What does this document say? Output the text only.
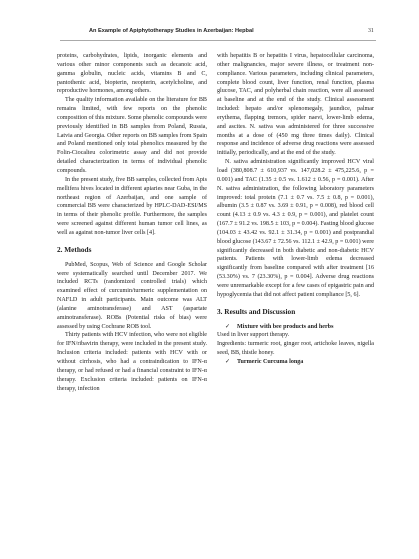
An Example of Apiphytotherapy Studies in Azerbaijan: Hepbal	31

proteins, carbohydrates, lipids, inorganic elements and various other minor components such as decanoic acid, gamma globulin, nucleic acids, vitamins B and C, pantothenic acid, biopterin, neopterin, acetylcholine, and reproductive hormones, among others.

The quality information available on the literature for BB remains limited, with few reports on the phenolic composition of this mixture. Some phenolic compounds were previously identified in BB samples from Poland, Russia, Latvia and Georgia. Other reports on BB samples from Spain and Poland mentioned only total phenolics measured by the Folin-Ciocalteu colorimetric assay and did not provide detailed characterization in terms of individual phenolic compounds.

In the present study, five BB samples, collected from Apis mellifera hives located in different apiaries near Guba, in the northeast region of Azerbaijan, and one sample of commercial BB were characterized by HPLC-DAD-ESI/MS in terms of their phenolic profile. Furthermore, the samples were screened against different human tumor cell lines, as well as against non-tumor liver cells [4].

2. Methods

PubMed, Scopus, Web of Science and Google Scholar were systematically searched until December 2017. We included RCTs (randomized controlled trials) which examined effect of curcumin/turmeric supplementation on NAFLD in adult participants. Main outcome was ALT (alanine aminotransferase) and AST (aspartate aminotransferase). ROBs (Potential risks of bias) were assessed by using Cochrane ROB tool.

Thirty patients with HCV infection, who were not eligible for IFN/ribavirin therapy, were included in the present study. Inclusion criteria included: patients with HCV with or without cirrhosis, who had a contraindication to IFN-α therapy, or had refused or had a financial constraint to IFN-α therapy. Exclusion criteria included: patients on IFN-α therapy, infection

with hepatitis B or hepatitis I virus, hepatocellular carcinoma, other malignancies, major severe illness, or treatment non-compliance. Various parameters, including clinical parameters, complete blood count, liver function, renal function, plasma glucose, TAC, and polyherbal chain reaction, were all assessed at baseline and at the end of the study. Clinical assessment included: hepato and/or splenomegaly, jaundice, palmar erythema, flapping tremors, spider naevi, lower-limb edema, and ascites. N. sativa was administered for three successive months at a dose of (450 mg three times daily). Clinical response and incidence of adverse drug reactions were assessed initially, periodically, and at the end of the study.

N. sativa administration significantly improved HCV viral load (380,808.7 ± 610,937 vs. 147,028.2 ± 475,225.6, p = 0.001) and TAC (1.35 ± 0.5 vs. 1.612 ± 0.56, p = 0.001). After N. sativa administration, the following laboratory parameters improved: total protein (7.1 ± 0.7 vs. 7.5 ± 0.8, p = 0.001), albumin (3.5 ± 0.87 vs. 3.69 ± 0.91, p = 0.008), red blood cell count (4.13 ± 0.9 vs. 4.3 ± 0.9, p = 0.001), and platelet count (167.7 ± 91.2 vs. 198.5 ± 103, p = 0.004). Fasting blood glucose (104.03 ± 43.42 vs. 92.1 ± 31.34, p = 0.001) and postprandial blood glucose (143.67 ± 72.56 vs. 112.1 ± 42.9, p = 0.001) were significantly decreased in both diabetic and non-diabetic HCV patients. Patients with lower-limb edema decreased significantly from baseline compared with after treatment [16 (53.30%) vs. 7 (23.30%), p = 0.004]. Adverse drug reactions were unremarkable except for a few cases of epigastric pain and hypoglycemia that did not affect patient compliance [5, 6].

3. Results and Discussion

✓ Mixture with bee products and herbs

Used in liver support therapy.

Ingredients: turmeric root, ginger root, artichoke leaves, nigella seed, BB, thistle honey.

✓ Turmeric Curcuma longa
